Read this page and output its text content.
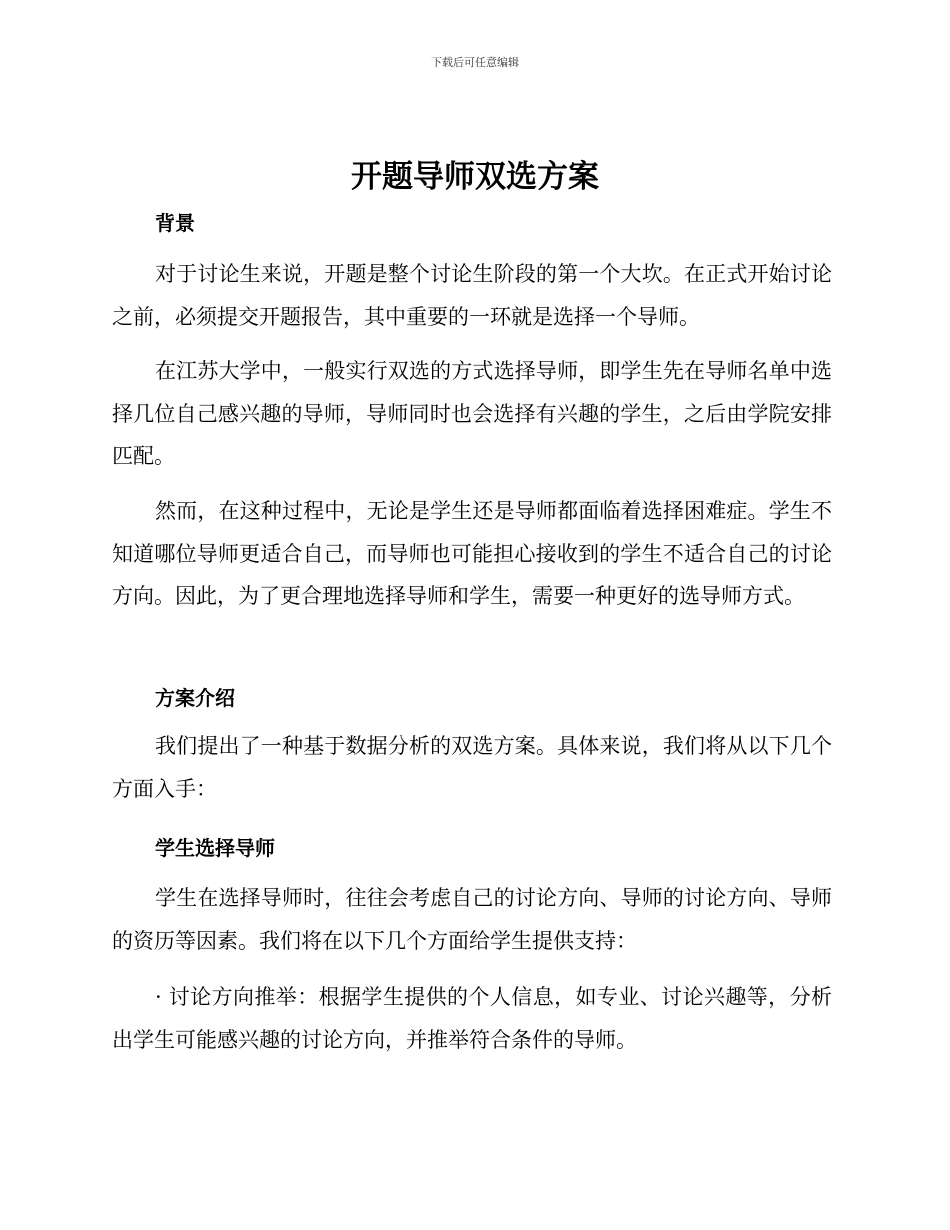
下载后可任意编辑
开题导师双选方案
背景

对于讨论生来说，开题是整个讨论生阶段的第一个大坎。在正式开始讨论之前，必须提交开题报告，其中重要的一环就是选择一个导师。

在江苏大学中，一般实行双选的方式选择导师，即学生先在导师名单中选择几位自己感兴趣的导师，导师同时也会选择有兴趣的学生，之后由学院安排匹配。

然而，在这种过程中，无论是学生还是导师都面临着选择困难症。学生不知道哪位导师更适合自己，而导师也可能担心接收到的学生不适合自己的讨论方向。因此，为了更合理地选择导师和学生，需要一种更好的选导师方式。

方案介绍

我们提出了一种基于数据分析的双选方案。具体来说，我们将从以下几个方面入手：

学生选择导师

学生在选择导师时，往往会考虑自己的讨论方向、导师的讨论方向、导师的资历等因素。我们将在以下几个方面给学生提供支持：

· 讨论方向推举：根据学生提供的个人信息，如专业、讨论兴趣等，分析出学生可能感兴趣的讨论方向，并推举符合条件的导师。
